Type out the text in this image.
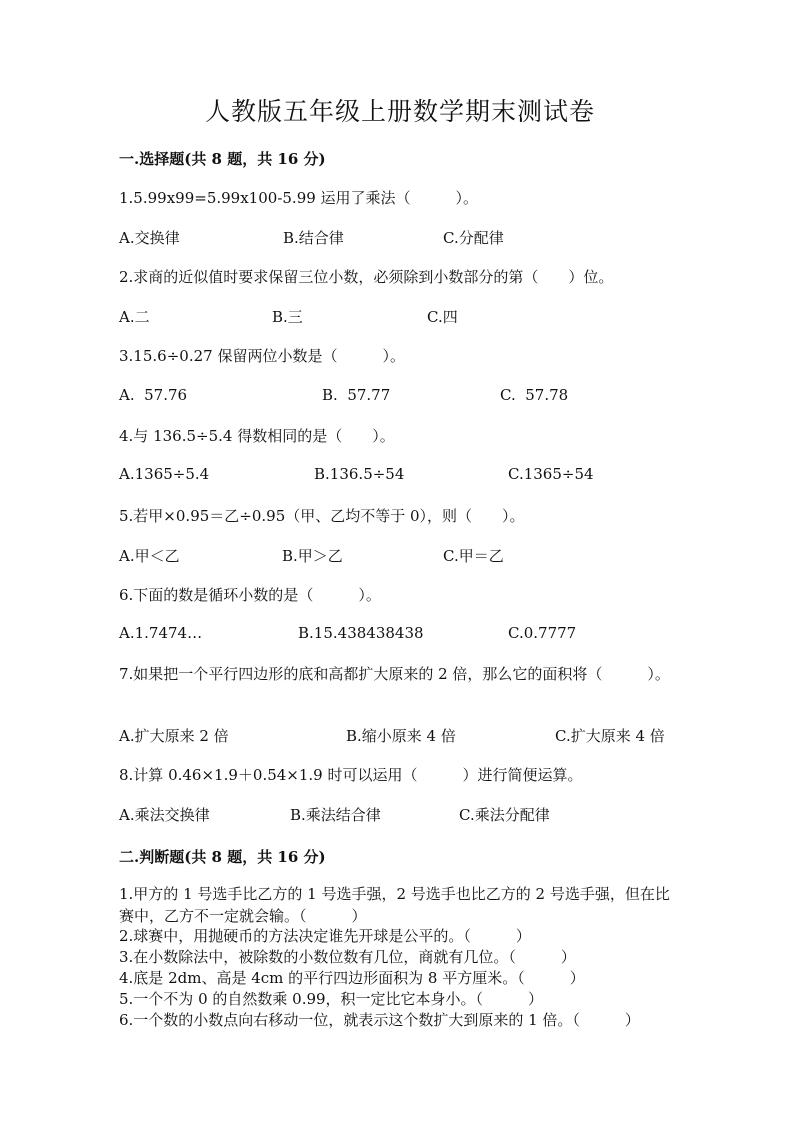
人教版五年级上册数学期末测试卷
一.选择题(共 8 题，共 16 分)
1.5.99x99=5.99x100-5.99 运用了乘法（　　　）。
A.交换律	B.结合律	C.分配律
2.求商的近似值时要求保留三位小数，必须除到小数部分的第（　　）位。
A.二	B.三	C.四
3.15.6÷0.27 保留两位小数是（　　　）。
A.  57.76	B.  57.77	C.  57.78
4.与 136.5÷5.4 得数相同的是（　　）。
A.1365÷5.4	B.136.5÷54	C.1365÷54
5.若甲×0.95＝乙÷0.95（甲、乙均不等于 0），则（　　）。
A.甲＜乙	B.甲＞乙	C.甲＝乙
6.下面的数是循环小数的是（　　　）。
A.1.7474…	B.15.438438438	C.0.7777
7.如果把一个平行四边形的底和高都扩大原来的 2 倍，那么它的面积将（　　　）。
A.扩大原来 2 倍	B.缩小原来 4 倍	C.扩大原来 4 倍
8.计算 0.46×1.9＋0.54×1.9 时可以运用（　　　）进行简便运算。
A.乘法交换律	B.乘法结合律	C.乘法分配律
二.判断题(共 8 题，共 16 分)
1.甲方的 1 号选手比乙方的 1 号选手强，2 号选手也比乙方的 2 号选手强，但在比赛中，乙方不一定就会输。（　　　）
2.球赛中，用抛硬币的方法决定谁先开球是公平的。（　　　）
3.在小数除法中，被除数的小数位数有几位，商就有几位。（　　　）
4.底是 2dm、高是 4cm 的平行四边形面积为 8 平方厘米。（　　　）
5.一个不为 0 的自然数乘 0.99，积一定比它本身小。（　　　）
6.一个数的小数点向右移动一位，就表示这个数扩大到原来的 1 倍。（　　　）
